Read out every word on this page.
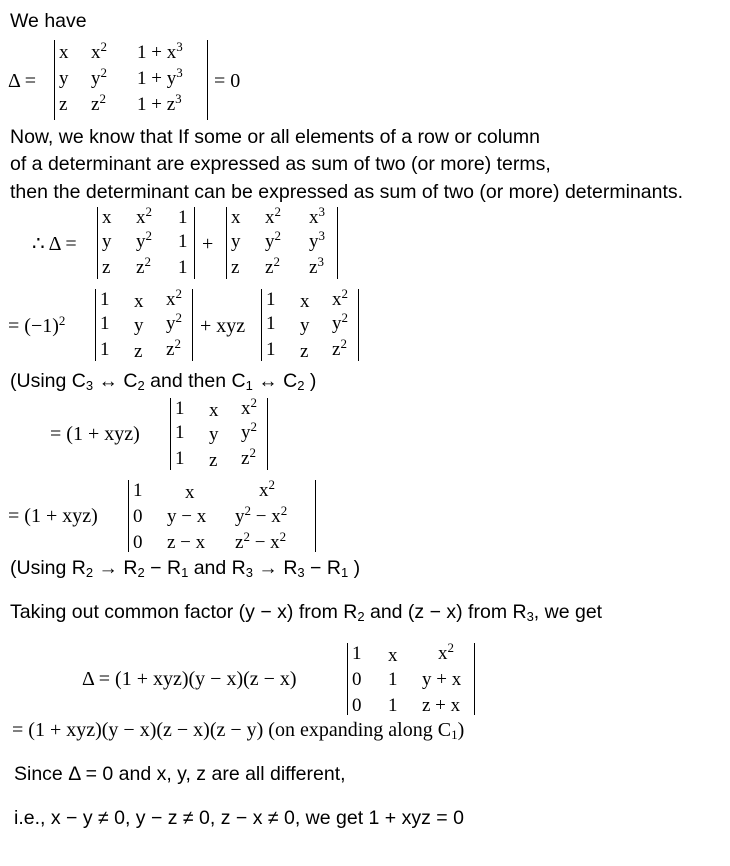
We have
Δ =
x
y
z
$x^2$
$y^2$
$z^2$
$1 + x^3$
$1 + y^3$
$1 + z^3$
= 0
Now, we know that If some or all elements of a row or column
of a determinant are expressed as sum of two (or more) terms,
then the determinant can be expressed as sum of two (or more) determinants.
∴ Δ =
x
y
z
$x^2$
$y^2$
$z^2$
1
1
1
+
x
y
z
$x^2$
$y^2$
$z^2$
$x^3$
$y^3$
$z^3$
= $(-1)^2$
1
1
1
x
y
z
$x^2$
$y^2$
$z^2$
+ xyz
1
1
1
x
y
z
$x^2$
$y^2$
$z^2$
(Using $C_3$ ↔ $C_2$ and then $C_1$ ↔ $C_2$ )
= (1 + xyz)
1
1
1
x
y
z
$x^2$
$y^2$
$z^2$
= (1 + xyz)
1
0
0
x
y − x
z − x
$x^2$
$y^2 - x^2$
$z^2 - x^2$
(Using $R_2 \to R_2 - R_1$ and $R_3 \to R_3 - R_1$ )
Taking out common factor (y − x) from $R_2$ and (z − x) from $R_3$, we get
Δ = (1 + xyz)(y − x)(z − x)
1
0
0
x
1
1
$x^2$
y + x
z + x
= (1 + xyz)(y − x)(z − x)(z − y) (on expanding along $C_1$)
Since Δ = 0 and x, y, z are all different,
i.e., x − y ≠ 0, y − z ≠ 0, z − x ≠ 0, we get 1 + xyz = 0
